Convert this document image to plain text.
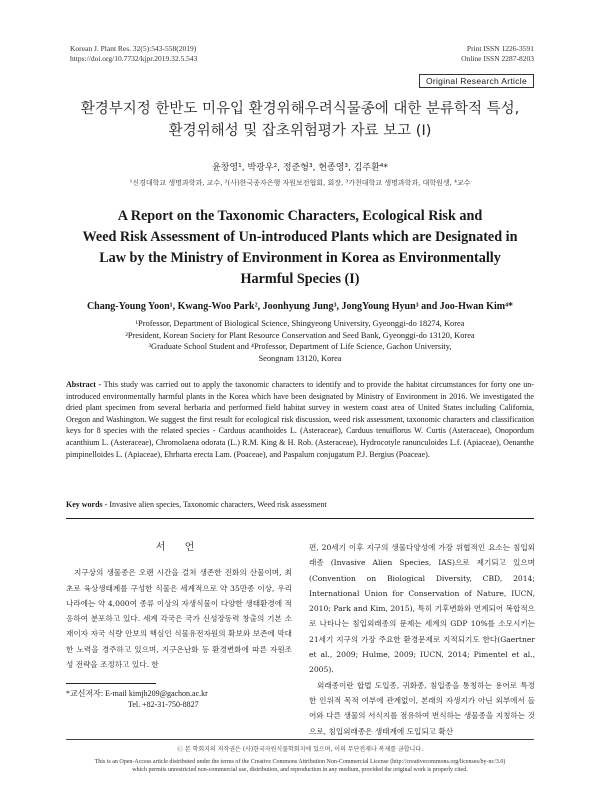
Korean J. Plant Res. 32(5):543-558(2019)
https://doi.org/10.7732/kjpr.2019.32.5.543
Print ISSN 1226-3591
Online ISSN 2287-8203
Original Research Article
환경부지정 한반도 미유입 환경위해우려식물종에 대한 분류학적 특성,
환경위해성 및 잡초위험평가 자료 보고 (I)
윤창영¹, 박광우², 정준형³, 현종영³, 김주환⁴*
¹신경대학교 생명과학과, 교수, ²(사)한국종자은행 자원보전협회, 회장, ³가천대학교 생명과학과, 대학원생, ⁴교수
A Report on the Taxonomic Characters, Ecological Risk and
Weed Risk Assessment of Un-introduced Plants which are Designated in
Law by the Ministry of Environment in Korea as Environmentally
Harmful Species (I)
Chang-Young Yoon¹, Kwang-Woo Park², Joonhyung Jung³, JongYoung Hyun³ and Joo-Hwan Kim⁴*
¹Professor, Department of Biological Science, Shingyeong University, Gyeonggi-do 18274, Korea
²President, Korean Society for Plant Resource Conservation and Seed Bank, Gyeonggi-do 13120, Korea
³Graduate School Student and ⁴Professor, Department of Life Science, Gachon University,
Seongnam 13120, Korea
Abstract - This study was carried out to apply the taxonomic characters to identify and to provide the habitat circumstances for forty one un-introduced environmentally harmful plants in the Korea which have been designated by Ministry of Environment in 2016. We investigated the dried plant specimen from several herbaria and performed field habitat survey in western coast area of United States including California, Oregon and Washington. We suggest the first result for ecological risk discussion, weed risk assessment, taxonomic characters and classification keys for 8 species with the related species - Carduus acanthoides L. (Asteraceae), Carduus tenuiflorus W. Curtis (Asteraceae), Onopordum acanthium L. (Asteraceae), Chromolaena odorata (L.) R.M. King & H. Rob. (Asteraceae), Hydrocotyle ranunculoides L.f. (Apiaceae), Oenanthe pimpinelloides L. (Apiaceae), Ehrharta erecta Lam. (Poaceae), and Paspalum conjugatum P.J. Bergius (Poaceae).
Key words - Invasive alien species, Taxonomic characters, Weed risk assessment
서 언

지구상의 생물종은 오랜 시간을 걸쳐 생존한 진화의 산물이며, 최초로 육상생태계를 구성한 식물은 세계적으로 약 35만종 이상, 우리나라에는 약 4,000여 종류 이상의 자생식물이 다양한 생태환경에 적응하여 분포하고 있다. 세계 각국은 국가 신성장동력 창출의 기본 소재이자 자국 식량 안보의 핵심인 식물유전자원의 확보와 보존에 막대한 노력을 경주하고 있으며, 지구온난화 등 환경변화에 따른 자원조성 전략을 조정하고 있다. 한

편, 20세기 이후 지구의 생물다양성에 가장 위협적인 요소는 침입외래종 (Invasive Alien Species, IAS)으로 제기되고 있으며 (Convention on Biological Diversity, CBD, 2014; International Union for Conservation of Nature, IUCN, 2010; Park and Kim, 2015), 특히 기후변화와 연계되어 복합적으로 나타나는 침입외래종의 문제는 세계의 GDP 10%를 소모시키는 21세기 지구의 가장 주요한 환경문제로 지적되기도 한다(Gaertner et al., 2009; Hulme, 2009; IUCN, 2014; Pimentel et al., 2005).

외래종이란 합법 도입종, 귀화종, 침입종을 통칭하는 용어로 특정한 인위적 목적 여부에 관계없이, 본래의 자생지가 아닌 외부에서 들어와 다른 생물의 서식지를 점유하여 번식하는 생물종을 지칭하는 것으로, 침입외래종은 생태계에 도입되고 확산

*교신저자: E-mail kimjh209@gachon.ac.kr
Tel. +82-31-750-8827
Ⓒ 본 학회지의 저작권은 (사)한국자원식물학회지에 있으며, 이의 무단전재나 복제를 금합니다.
This is an Open-Access article distributed under the terms of the Creative Commons Attribution Non-Commercial License (http://creativecommons.org/licenses/by-nc/3.0)
which permits unrestricted non-commercial use, distribution, and reproduction in any medium, provided the original work is properly cited.
